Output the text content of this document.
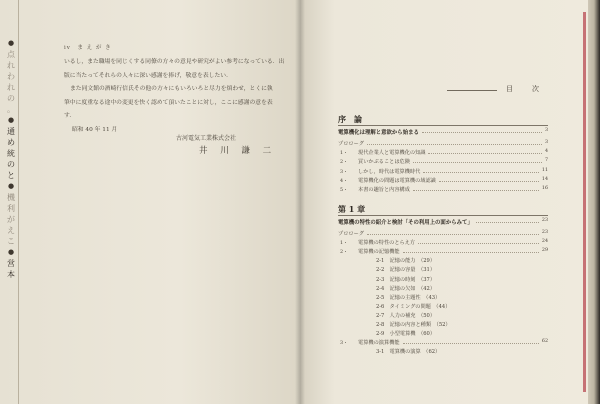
●
点
れ
わ
れ
の
。
●
通
め
統
の
と
●
機
利
が
え
こ
●
営
本
iv　ま え が き

いるし，また職場を同じくする同僚の方々の意見や研究がよい参考になっている．出

版に当たってそれらの人々に深い感謝を捧げ，敬意を表したい．

また同文館の酒崎行信氏その他の方々にもいろいろと尽力を煩わせ，とくに執

筆中に度重なる途中の変更を快く認めて頂いたことに対し，ここに感謝の意を表

す．

昭和 40 年 11 月

古河電気工業株式会社
井 川 謙 二
目　次
序　論
電算機化は理解と意欲から始まる	3
プロローグ	3
1・ 現代企業人と電算機化の知識	4
2・ 買いかぶることは危険	7
3・ しかし，時代は電算機時代	11
4・ 電算機化の問題は電算機の域認識	14
5・ 本書の趣旨と内容構成	16
第 1 章
電算機の特性の紹介と検討「その利用上の面からみて」	23
プロローグ	23
1・ 電算機の特性のとらえ方	24
2・ 電算機の記憶機能	29
2-1　記憶の能力　（29）
2-2　記憶の容量　（31）
2-3　記憶の時刻　（37）
2-4　記憶の欠如　（42）
2-5　記憶の主題性　（43）
2-6　タイミングの問題　（44）
2-7　人力の補充　（50）
2-8　記憶の内容と種類　（52）
2-9　小型電算機　（60）
3・ 電算機の演算機能	62
3-1　電算機の演算　（62）
